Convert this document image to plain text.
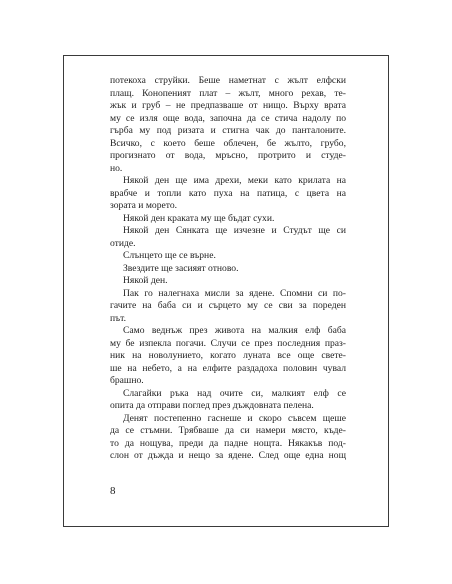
потекоха струйки. Беше наметнат с жълт елфски
плащ. Конопеният плат – жълт, много рехав, те-
жък и груб – не предпазваше от нищо. Върху врата
му се изля още вода, започна да се стича надолу по
гърба му под ризата и стигна чак до панталоните.
Всичко, с което беше облечен, бе жълто, грубо,
прогизнато от вода, мръсно, протрито и студе-
но.
Някой ден ще има дрехи, меки като крилата на
врабче и топли като пуха на патица, с цвета на
зората и морето.
Някой ден краката му ще бъдат сухи.
Някой ден Сянката ще изчезне и Студът ще си
отиде.
Слънцето ще се върне.
Звездите ще засияят отново.
Някой ден.
Пак го налегнаха мисли за ядене. Спомни си по-
гачите на баба си и сърцето му се сви за пореден
път.
Само веднъж през живота на малкия елф баба
му бе изпекла погачи. Случи се през последния праз-
ник на новолунието, когато луната все още свете-
ше на небето, а на елфите раздадоха половин чувал
брашно.
Слагайки ръка над очите си, малкият елф се
опита да отправи поглед през дъждовната пелена.
Денят постепенно гаснеше и скоро съвсем щеше
да се стъмни. Трябваше да си намери място, къде-
то да нощува, преди да падне нощта. Някакъв под-
слон от дъжда и нещо за ядене. След още една нощ
8
